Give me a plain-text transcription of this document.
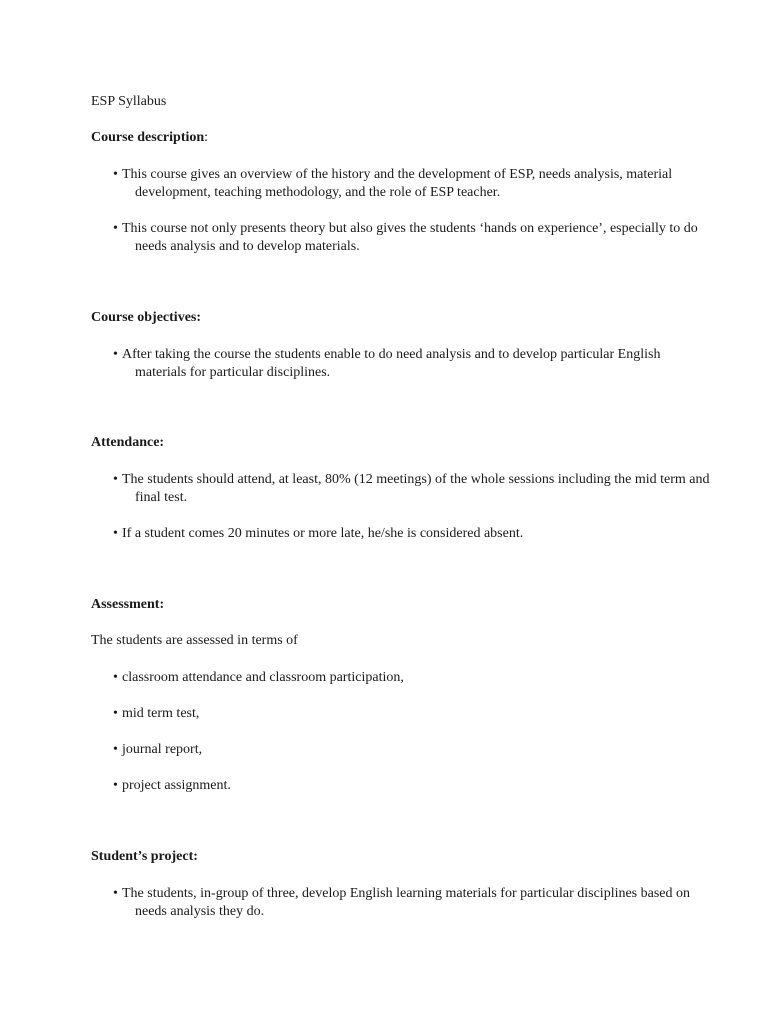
ESP Syllabus

Course description:

• This course gives an overview of the history and the development of ESP, needs analysis, material development, teaching methodology, and the role of ESP teacher.

• This course not only presents theory but also gives the students ‘hands on experience’, especially to do needs analysis and to develop materials.

Course objectives:

• After taking the course the students enable to do need analysis and to develop particular English materials for particular disciplines.

Attendance:

• The students should attend, at least, 80% (12 meetings) of the whole sessions including the mid term and final test.

• If a student comes 20 minutes or more late, he/she is considered absent.

Assessment:

The students are assessed in terms of

• classroom attendance and classroom participation,

• mid term test,

• journal report,

• project assignment.

Student’s project:

• The students, in-group of three, develop English learning materials for particular disciplines based on needs analysis they do.
